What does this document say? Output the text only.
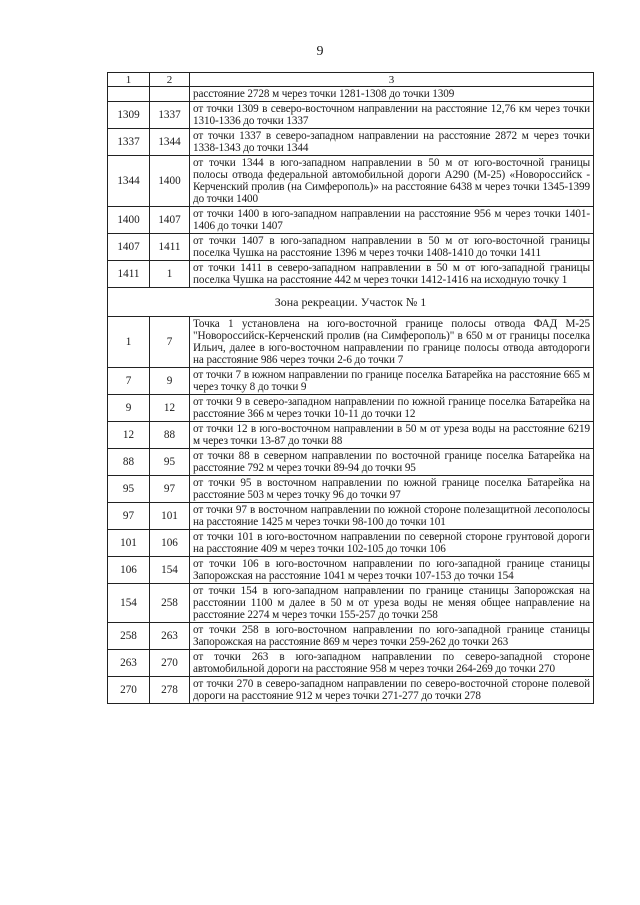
9
1	2	3
		расстояние 2728 м через точки 1281-1308 до точки 1309
1309	1337	от точки 1309 в северо-восточном направлении на расстояние 12,76 км через точки 1310-1336 до точки 1337
1337	1344	от точки 1337 в северо-западном направлении на расстояние 2872 м через точки 1338-1343 до точки 1344
1344	1400	от точки 1344 в юго-западном направлении в 50 м от юго-восточной границы полосы отвода федеральной автомобильной дороги А290 (М-25) «Новороссийск - Керченский пролив (на Симферополь)» на расстояние 6438 м через точки 1345-1399 до точки 1400
1400	1407	от точки 1400 в юго-западном направлении на расстояние 956 м через точки 1401-1406 до точки 1407
1407	1411	от точки 1407 в юго-западном направлении в 50 м от юго-восточной границы поселка Чушка на расстояние 1396 м через точки 1408-1410 до точки 1411
1411	1	от точки 1411 в северо-западном направлении в 50 м от юго-западной границы поселка Чушка на расстояние 442 м через точки 1412-1416 на исходную точку 1
Зона рекреации. Участок № 1		
1	7	Точка 1 установлена на юго-восточной границе полосы отвода ФАД М-25 "Новороссийск-Керченский пролив (на Симферополь)" в 650 м от границы поселка Ильич, далее в юго-восточном направлении по границе полосы отвода автодороги на расстояние 986 через точки 2-6 до точки 7
7	9	от точки 7 в южном направлении по границе поселка Батарейка на расстояние 665 м через точку 8 до точки 9
9	12	от точки 9 в северо-западном направлении по южной границе поселка Батарейка на расстояние 366 м через точки 10-11 до точки 12
12	88	от точки 12 в юго-восточном направлении в 50 м от уреза воды на расстояние 6219 м через точки 13-87 до точки 88
88	95	от точки 88 в северном направлении по восточной границе поселка Батарейка на расстояние 792 м через точки 89-94 до точки 95
95	97	от точки 95 в восточном направлении по южной границе поселка Батарейка на расстояние 503 м через точку 96 до точки 97
97	101	от точки 97 в восточном направлении по южной стороне полезащитной лесополосы на расстояние 1425 м через точки 98-100 до точки 101
101	106	от точки 101 в юго-восточном направлении по северной стороне грунтовой дороги на расстояние 409 м через точки 102-105 до точки 106
106	154	от точки 106 в юго-восточном направлении по юго-западной границе станицы Запорожская на расстояние 1041 м через точки 107-153 до точки 154
154	258	от точки 154 в юго-западном направлении по границе станицы Запорожская на расстоянии 1100 м далее в 50 м от уреза воды не меняя общее направление на расстояние 2274 м через точки 155-257 до точки 258
258	263	от точки 258 в юго-восточном направлении по юго-западной границе станицы Запорожская на расстояние 869 м через точки 259-262 до точки 263
263	270	от точки 263 в юго-западном направлении по северо-западной стороне автомобильной дороги на расстояние 958 м через точки 264-269 до точки 270
270	278	от точки 270 в северо-западном направлении по северо-восточной стороне полевой дороги на расстояние 912 м через точки 271-277 до точки 278
